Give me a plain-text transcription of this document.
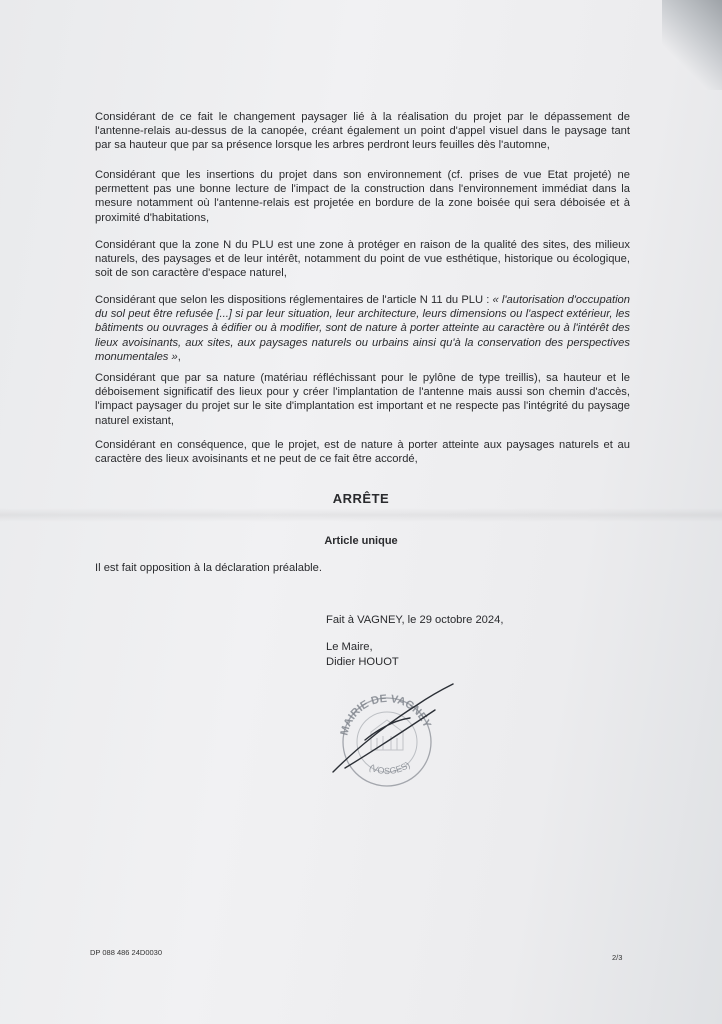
Considérant de ce fait le changement paysager lié à la réalisation du projet par le dépassement de l'antenne-relais au-dessus de la canopée, créant également un point d'appel visuel dans le paysage tant par sa hauteur que par sa présence lorsque les arbres perdront leurs feuilles dès l'automne,

Considérant que les insertions du projet dans son environnement (cf. prises de vue Etat projeté) ne permettent pas une bonne lecture de l'impact de la construction dans l'environnement immédiat dans la mesure notamment où l'antenne-relais est projetée en bordure de la zone boisée qui sera déboisée et à proximité d'habitations,

Considérant que la zone N du PLU est une zone à protéger en raison de la qualité des sites, des milieux naturels, des paysages et de leur intérêt, notamment du point de vue esthétique, historique ou écologique, soit de son caractère d'espace naturel,

Considérant que selon les dispositions réglementaires de l'article N 11 du PLU : « l'autorisation d'occupation du sol peut être refusée [...] si par leur situation, leur architecture, leurs dimensions ou l'aspect extérieur, les bâtiments ou ouvrages à édifier ou à modifier, sont de nature à porter atteinte au caractère ou à l'intérêt des lieux avoisinants, aux sites, aux paysages naturels ou urbains ainsi qu'à la conservation des perspectives monumentales »,

Considérant que par sa nature (matériau réfléchissant pour le pylône de type treillis), sa hauteur et le déboisement significatif des lieux pour y créer l'implantation de l'antenne mais aussi son chemin d'accès, l'impact paysager du projet sur le site d'implantation est important et ne respecte pas l'intégrité du paysage naturel existant,

Considérant en conséquence, que le projet, est de nature à porter atteinte aux paysages naturels et au caractère des lieux avoisinants et ne peut de ce fait être accordé,

ARRÊTE
Article unique
Il est fait opposition à la déclaration préalable.
Fait à VAGNEY, le 29 octobre 2024,
Le Maire,
Didier HOUOT
MAIRIE DE VAGNEY
(VOSGES)
DP 088 486 24D0030
2/3
